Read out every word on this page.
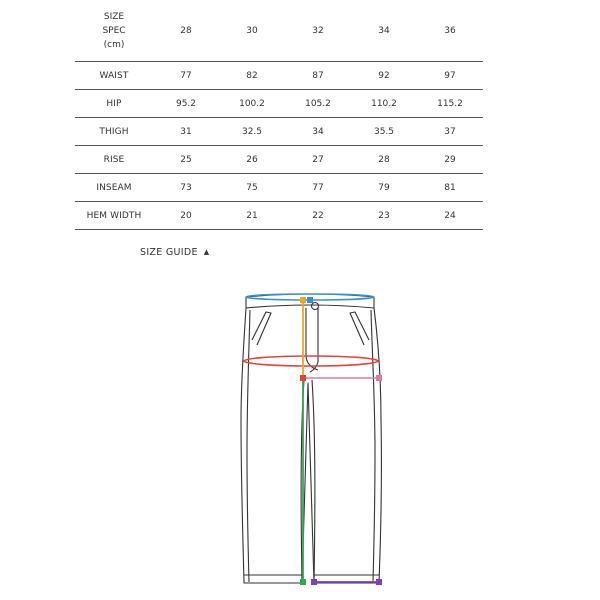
SIZE
SPEC
(cm)	28	30	32	34	36
WAIST	77	82	87	92	97
HIP	95.2	100.2	105.2	110.2	115.2
THIGH	31	32.5	34	35.5	37
RISE	25	26	27	28	29
INSEAM	73	75	77	79	81
HEM WIDTH	20	21	22	23	24
SIZE GUIDE ▲
